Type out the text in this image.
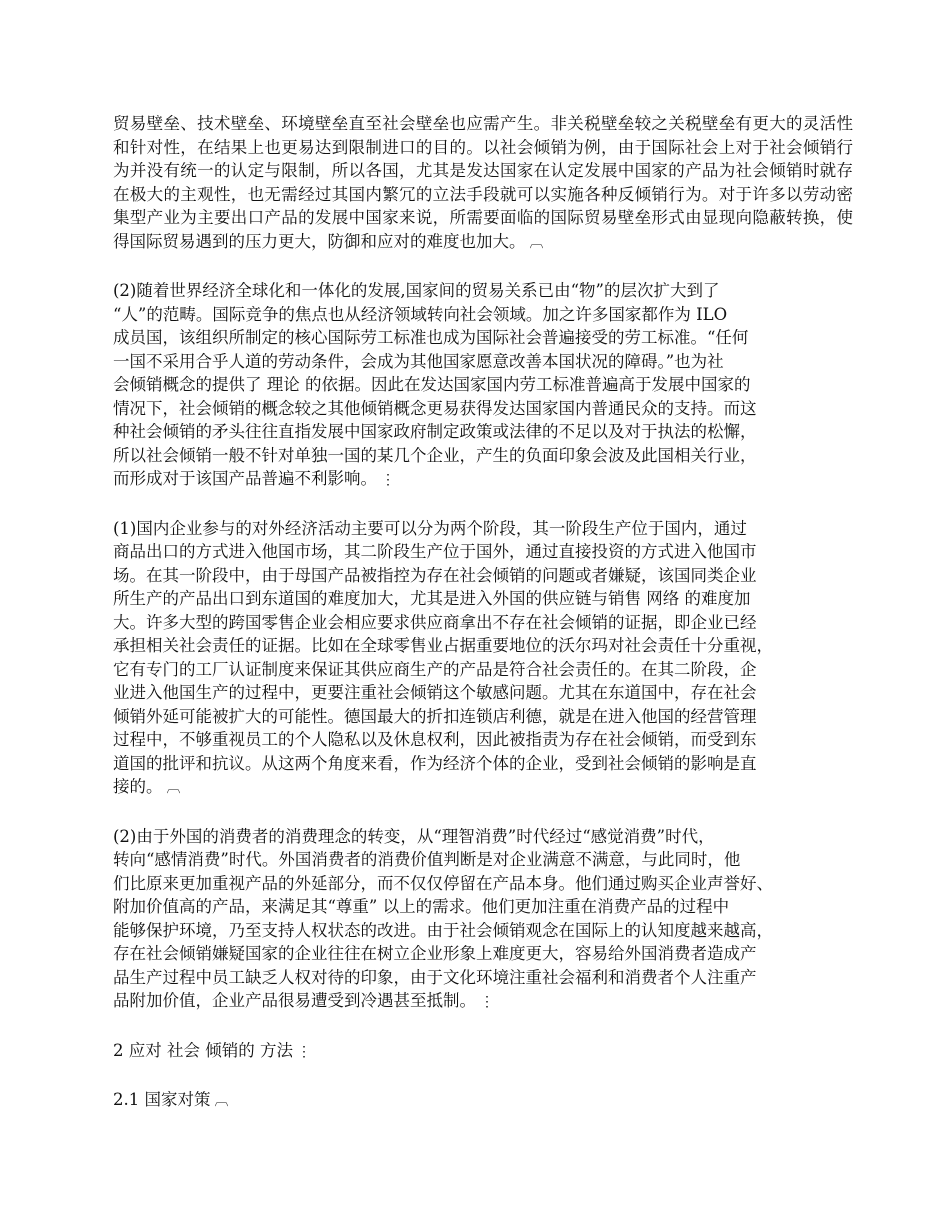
贸易壁垒、技术壁垒、环境壁垒直至社会壁垒也应需产生。非关税壁垒较之关税壁垒有更大的灵活性和针对性，在结果上也更易达到限制进口的目的。以社会倾销为例，由于国际社会上对于社会倾销行为并没有统一的认定与限制，所以各国，尤其是发达国家在认定发展中国家的产品为社会倾销时就存在极大的主观性，也无需经过其国内繁冗的立法手段就可以实施各种反倾销行为。对于许多以劳动密集型产业为主要出口产品的发展中国家来说，所需要面临的国际贸易壁垒形式由显现向隐蔽转换，使得国际贸易遇到的压力更大，防御和应对的难度也加大。 ︹

(2)随着世界经济全球化和一体化的发展,国家间的贸易关系已由“物”的层次扩大到了
“人”的范畴。国际竞争的焦点也从经济领域转向社会领域。加之许多国家都作为 ILO
成员国，该组织所制定的核心国际劳工标准也成为国际社会普遍接受的劳工标准。“任何
一国不采用合乎人道的劳动条件，会成为其他国家愿意改善本国状况的障碍。”也为社
会倾销概念的提供了 理论 的依据。因此在发达国家国内劳工标准普遍高于发展中国家的
情况下，社会倾销的概念较之其他倾销概念更易获得发达国家国内普通民众的支持。而这
种社会倾销的矛头往往直指发展中国家政府制定政策或法律的不足以及对于执法的松懈，
所以社会倾销一般不针对单独一国的某几个企业，产生的负面印象会波及此国相关行业，
而形成对于该国产品普遍不利影响。 ⋮

(1)国内企业参与的对外经济活动主要可以分为两个阶段，其一阶段生产位于国内，通过
商品出口的方式进入他国市场，其二阶段生产位于国外，通过直接投资的方式进入他国市
场。在其一阶段中，由于母国产品被指控为存在社会倾销的问题或者嫌疑，该国同类企业
所生产的产品出口到东道国的难度加大，尤其是进入外国的供应链与销售 网络 的难度加
大。许多大型的跨国零售企业会相应要求供应商拿出不存在社会倾销的证据，即企业已经
承担相关社会责任的证据。比如在全球零售业占据重要地位的沃尔玛对社会责任十分重视，
它有专门的工厂认证制度来保证其供应商生产的产品是符合社会责任的。在其二阶段，企
业进入他国生产的过程中，更要注重社会倾销这个敏感问题。尤其在东道国中，存在社会
倾销外延可能被扩大的可能性。德国最大的折扣连锁店利德，就是在进入他国的经营管理
过程中，不够重视员工的个人隐私以及休息权利，因此被指责为存在社会倾销，而受到东
道国的批评和抗议。从这两个角度来看，作为经济个体的企业，受到社会倾销的影响是直
接的。 ︹

(2)由于外国的消费者的消费理念的转变，从“理智消费”时代经过“感觉消费”时代，
转向“感情消费”时代。外国消费者的消费价值判断是对企业满意不满意，与此同时，他
们比原来更加重视产品的外延部分，而不仅仅停留在产品本身。他们通过购买企业声誉好、
附加价值高的产品，来满足其“尊重” 以上的需求。他们更加注重在消费产品的过程中
能够保护环境，乃至支持人权状态的改进。由于社会倾销观念在国际上的认知度越来越高，
存在社会倾销嫌疑国家的企业往往在树立企业形象上难度更大，容易给外国消费者造成产
品生产过程中员工缺乏人权对待的印象，由于文化环境注重社会福利和消费者个人注重产
品附加价值，企业产品很易遭受到冷遇甚至抵制。 ⋮

2 应对 社会 倾销的 方法 ⋮

2.1 国家对策 ︹
